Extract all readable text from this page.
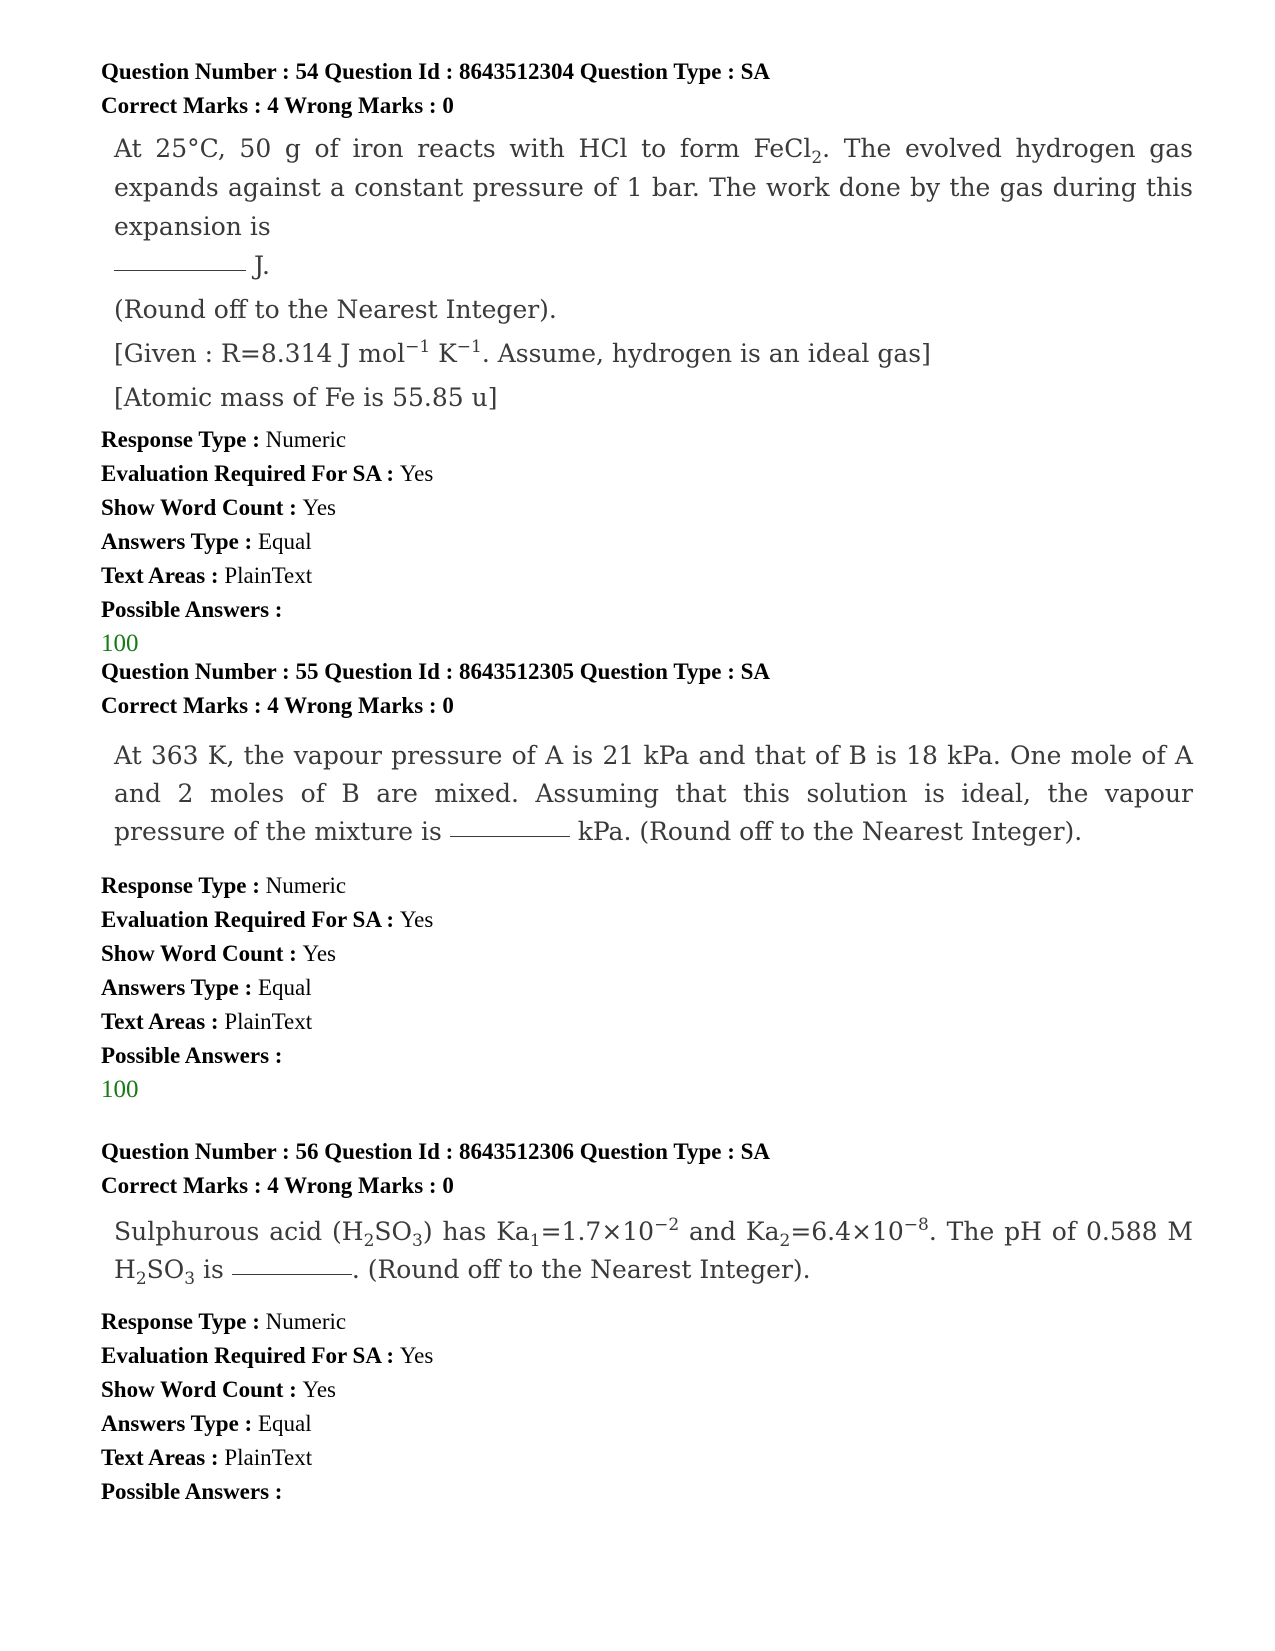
Question Number : 54 Question Id : 8643512304 Question Type : SA
Correct Marks : 4 Wrong Marks : 0
At 25°C, 50 g of iron reacts with HCl to form FeCl$_2$. The evolved hydrogen gas expands against a constant pressure of 1 bar. The work done by the gas during this expansion is
J.
(Round off to the Nearest Integer).
[Given : R=8.314 J mol$^{-1}$ $K^{-1}$. Assume, hydrogen is an ideal gas]
[Atomic mass of Fe is 55.85 u]
Response Type : Numeric
Evaluation Required For SA : Yes
Show Word Count : Yes
Answers Type : Equal
Text Areas : PlainText
Possible Answers :
100
Question Number : 55 Question Id : 8643512305 Question Type : SA
Correct Marks : 4 Wrong Marks : 0
At 363 K, the vapour pressure of A is 21 kPa and that of B is 18 kPa. One mole of A and 2 moles of B are mixed. Assuming that this solution is ideal, the vapour pressure of the mixture is	kPa. (Round off to the Nearest Integer).
Response Type : Numeric
Evaluation Required For SA : Yes
Show Word Count : Yes
Answers Type : Equal
Text Areas : PlainText
Possible Answers :
100
Question Number : 56 Question Id : 8643512306 Question Type : SA
Correct Marks : 4 Wrong Marks : 0
Sulphurous acid $(H_2SO_3)$ has $Ka_1=1.7\times 10^{-2}$ and $Ka_2=6.4\times 10^{-8}$. The pH of 0.588 M $H_2SO_3$ is	. (Round off to the Nearest Integer).
Response Type : Numeric
Evaluation Required For SA : Yes
Show Word Count : Yes
Answers Type : Equal
Text Areas : PlainText
Possible Answers :
